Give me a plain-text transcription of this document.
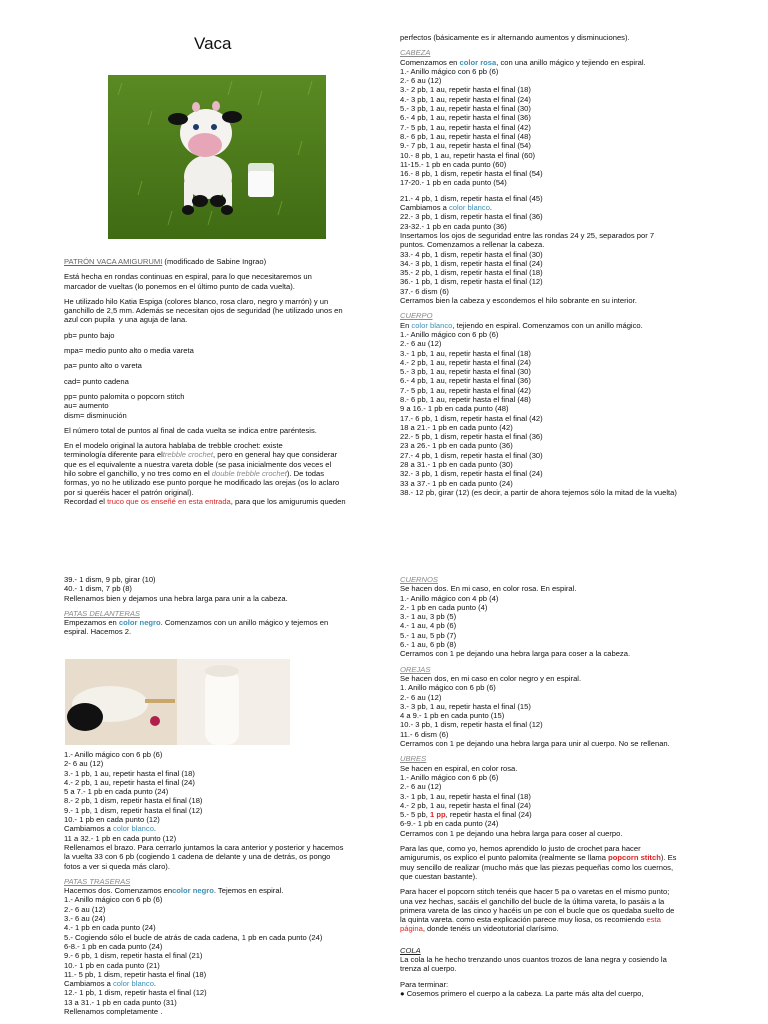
Vaca

PATRÓN VACA AMIGURUMI (modificado de Sabine Ingrao)

Está hecha en rondas continuas en espiral, para lo que necesitaremos un
marcador de vueltas (lo ponemos en el último punto de cada vuelta).

He utilizado hilo Katia Espiga (colores blanco, rosa claro, negro y marrón) y un
ganchillo de 2,5 mm. Además se necesitan ojos de seguridad (he utilizado unos en
azul con pupila  y una aguja de lana.

pb= punto bajo

mpa= medio punto alto o media vareta

pa= punto alto o vareta

cad= punto cadena

pp= punto palomita o popcorn stitch
au= aumento
dism= disminución

El número total de puntos al final de cada vuelta se indica entre paréntesis.

En el modelo original la autora hablaba de trebble crochet: existe
terminología diferente para eltrebble crochet, pero en general hay que considerar
que es el equivalente a nuestra vareta doble (se pasa inicialmente dos veces el
hilo sobre el ganchillo, y no tres como en el double trebble crochet). De todas
formas, yo no he utilizado ese punto porque he modificado las orejas (os lo aclaro
por si queréis hacer el patrón original).

Recordad el truco que os enseñé en esta entrada, para que los amigurumis queden

perfectos (básicamente es ir alternando aumentos y disminuciones).

CABEZA

Comenzamos en color rosa, con una anillo mágico y tejiendo en espiral.

1.- Anillo mágico con 6 pb (6)
2.- 6 au (12)
3.- 2 pb, 1 au, repetir hasta el final (18)
4.- 3 pb, 1 au, repetir hasta el final (24)
5.- 3 pb, 1 au, repetir hasta el final (30)
6.- 4 pb, 1 au, repetir hasta el final (36)
7.- 5 pb, 1 au, repetir hasta el final (42)
8.- 6 pb, 1 au, repetir hasta el final (48)
9.- 7 pb, 1 au, repetir hasta el final (54)
10.- 8 pb, 1 au, repetir hasta el final (60)
11-15.- 1 pb en cada punto (60)
16.- 8 pb, 1 dism, repetir hasta el final (54)
17-20.- 1 pb en cada punto (54)

21.- 4 pb, 1 dism, repetir hasta el final (45)
Cambiamos a color blanco.
22.- 3 pb, 1 dism, repetir hasta el final (36)
23-32.- 1 pb en cada punto (36)
Insertamos los ojos de seguridad entre las rondas 24 y 25, separados por 7
puntos. Comenzamos a rellenar la cabeza.
33.- 4 pb, 1 dism, repetir hasta el final (30)
34.- 3 pb, 1 dism, repetir hasta el final (24)
35.- 2 pb, 1 dism, repetir hasta el final (18)
36.- 1 pb, 1 dism, repetir hasta el final (12)
37.- 6 dism (6)
Cerramos bien la cabeza y escondemos el hilo sobrante en su interior.

CUERPO

En color blanco, tejiendo en espiral. Comenzamos con un anillo mágico.

1.- Anillo mágico con 6 pb (6)
2.- 6 au (12)
3.- 1 pb, 1 au, repetir hasta el final (18)
4.- 2 pb, 1 au, repetir hasta el final (24)
5.- 3 pb, 1 au, repetir hasta el final (30)
6.- 4 pb, 1 au, repetir hasta el final (36)
7.- 5 pb, 1 au, repetir hasta el final (42)
8.- 6 pb, 1 au, repetir hasta el final (48)
9 a 16.- 1 pb en cada punto (48)
17.- 6 pb, 1 dism, repetir hasta el final (42)
18 a 21.- 1 pb en cada punto (42)
22.- 5 pb, 1 dism, repetir hasta el final (36)
23 a 26.- 1 pb en cada punto (36)
27.- 4 pb, 1 dism, repetir hasta el final (30)
28 a 31.- 1 pb en cada punto (30)
32.- 3 pb, 1 dism, repetir hasta el final (24)
33 a 37.- 1 pb en cada punto (24)
38.- 12 pb, girar (12) (es decir, a partir de ahora tejemos sólo la mitad de la vuelta)

39.- 1 dism, 9 pb, girar (10)
40.- 1 dism, 7 pb (8)
Rellenamos bien y dejamos una hebra larga para unir a la cabeza.

PATAS DELANTERAS

Empezamos en color negro. Comenzamos con un anillo mágico y tejemos en
espiral. Hacemos 2.

1.- Anillo mágico con 6 pb (6)
2- 6 au (12)
3.- 1 pb, 1 au, repetir hasta el final (18)
4.- 2 pb, 1 au, repetir hasta el final (24)
5 a 7.- 1 pb en cada punto (24)
8.- 2 pb, 1 dism, repetir hasta el final (18)
9.- 1 pb, 1 dism, repetir hasta el final (12)
10.- 1 pb en cada punto (12)
Cambiamos a color blanco.
11 a 32.- 1 pb en cada punto (12)
Rellenamos el brazo. Para cerrarlo juntamos la cara anterior y posterior y hacemos
la vuelta 33 con 6 pb (cogiendo 1 cadena de delante y una de detrás, os pongo
fotos a ver si queda más claro).

PATAS TRASERAS

Hacemos dos. Comenzamos encolor negro. Tejemos en espiral.

1.- Anillo mágico con 6 pb (6)
2.- 6 au (12)
3.- 6 au (24)
4.- 1 pb en cada punto (24)
5.- Cogiendo sólo el bucle de atrás de cada cadena, 1 pb en cada punto (24)
6-8.- 1 pb en cada punto (24)
9.- 6 pb, 1 dism, repetir hasta el final (21)
10.- 1 pb en cada punto (21)
11.- 5 pb, 1 dism, repetir hasta el final (18)
Cambiamos a color blanco.
12.- 1 pb, 1 dism, repetir hasta el final (12)
13 a 31.- 1 pb en cada punto (31)
Rellenamos completamente .

CUERNOS

Se hacen dos. En mi caso, en color rosa. En espiral.
1.- Anillo mágico con 4 pb (4)
2.- 1 pb en cada punto (4)
3.- 1 au, 3 pb (5)
4.- 1 au, 4 pb (6)
5.- 1 au, 5 pb (7)
6.- 1 au, 6 pb (8)
Cerramos con 1 pe dejando una hebra larga para coser a la cabeza.

OREJAS

Se hacen dos, en mi caso en color negro y en espiral.
1. Anillo mágico con 6 pb (6)
2.- 6 au (12)
3.- 3 pb, 1 au, repetir hasta el final (15)
4 a 9.- 1 pb en cada punto (15)
10.- 3 pb, 1 dism, repetir hasta el final (12)
11.- 6 dism (6)
Cerramos con 1 pe dejando una hebra larga para unir al cuerpo. No se rellenan.

UBRES

Se hacen en espiral, en color rosa.
1.- Anillo mágico con 6 pb (6)
2.- 6 au (12)
3.- 1 pb, 1 au, repetir hasta el final (18)
4.- 2 pb, 1 au, repetir hasta el final (24)
5.- 5 pb, 1 pp, repetir hasta el final (24)
6-9.- 1 pb en cada punto (24)
Cerramos con 1 pe dejando una hebra larga para coser al cuerpo.

Para las que, como yo, hemos aprendido lo justo de crochet para hacer
amigurumis, os explico el punto palomita (realmente se llama popcorn stitch). Es
muy sencillo de realizar (mucho más que las piezas pequeñas como los cuernos,
que cuestan bastante).

Para hacer el popcorn stitch tenéis que hacer 5 pa o varetas en el mismo punto;
una vez hechas, sacáis el ganchillo del bucle de la última vareta, lo pasáis a la
primera vareta de las cinco y hacéis un pe con el bucle que os quedaba suelto de
la quinta vareta. como esta explicación parece muy liosa, os recomiendo esta
página, donde tenéis un videotutorial clarísimo.

COLA

La cola la he hecho trenzando unos cuantos trozos de lana negra y cosiendo la
trenza al cuerpo.

Para terminar:

● Cosemos primero el cuerpo a la cabeza. La parte más alta del cuerpo,
